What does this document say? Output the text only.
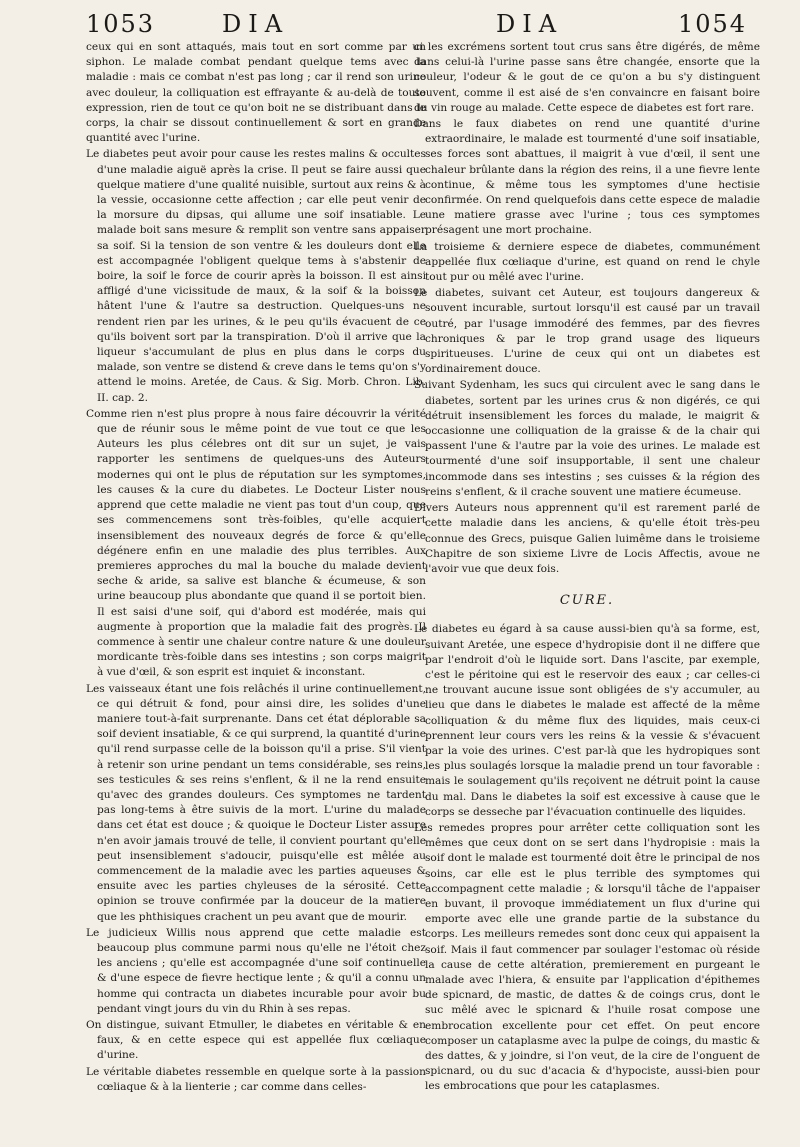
1053	DIA	DIA	1054

ceux qui en sont attaqués, mais tout en sort comme par un siphon. Le malade combat pendant quelque tems avec la maladie : mais ce combat n'est pas long ; car il rend son urine avec douleur, la colliquation est effrayante & au-delà de toute expression, rien de tout ce qu'on boit ne se distribuant dans le corps, la chair se dissout continuellement & sort en grande quantité avec l'urine.

Le diabetes peut avoir pour cause les restes malins & occultes d'une maladie aiguë après la crise. Il peut se faire aussi que quelque matiere d'une qualité nuisible, surtout aux reins & à la vessie, occasionne cette affection ; car elle peut venir de la morsure du dipsas, qui allume une soif insatiable. Le malade boit sans mesure & remplit son ventre sans appaiser sa soif. Si la tension de son ventre & les douleurs dont elle est accompagnée l'obligent quelque tems à s'abstenir de boire, la soif le force de courir après la boisson. Il est ainsi affligé d'une vicissitude de maux, & la soif & la boisson hâtent l'une & l'autre sa destruction. Quelques-uns ne rendent rien par les urines, & le peu qu'ils évacuent de ce qu'ils boivent sort par la transpiration. D'où il arrive que la liqueur s'accumulant de plus en plus dans le corps du malade, son ventre se distend & creve dans le tems qu'on s'y attend le moins. Aretée, de Caus. & Sig. Morb. Chron. Lib. II. cap. 2.

Comme rien n'est plus propre à nous faire découvrir la vérité que de réunir sous le même point de vue tout ce que les Auteurs les plus célebres ont dit sur un sujet, je vais rapporter les sentimens de quelques-uns des Auteurs modernes qui ont le plus de réputation sur les symptomes, les causes & la cure du diabetes. Le Docteur Lister nous apprend que cette maladie ne vient pas tout d'un coup, que ses commencemens sont très-foibles, qu'elle acquiert insensiblement des nouveaux degrés de force & qu'elle dégénere enfin en une maladie des plus terribles. Aux premieres approches du mal la bouche du malade devient seche & aride, sa salive est blanche & écumeuse, & son urine beaucoup plus abondante que quand il se portoit bien. Il est saisi d'une soif, qui d'abord est modérée, mais qui augmente à proportion que la maladie fait des progrès. Il commence à sentir une chaleur contre nature & une douleur mordicante très-foible dans ses intestins ; son corps maigrit à vue d'œil, & son esprit est inquiet & inconstant.

Les vaisseaux étant une fois relâchés il urine continuellement, ce qui détruit & fond, pour ainsi dire, les solides d'une maniere tout-à-fait surprenante. Dans cet état déplorable sa soif devient insatiable, & ce qui surprend, la quantité d'urine qu'il rend surpasse celle de la boisson qu'il a prise. S'il vient à retenir son urine pendant un tems considérable, ses reins, ses testicules & ses reins s'enflent, & il ne la rend ensuite qu'avec des grandes douleurs. Ces symptomes ne tardent pas long-tems à être suivis de la mort. L'urine du malade dans cet état est douce ; & quoique le Docteur Lister assure n'en avoir jamais trouvé de telle, il convient pourtant qu'elle peut insensiblement s'adoucir, puisqu'elle est mêlée au commencement de la maladie avec les parties aqueuses & ensuite avec les parties chyleuses de la sérosité. Cette opinion se trouve confirmée par la douceur de la matiere que les phthisiques crachent un peu avant que de mourir.

Le judicieux Willis nous apprend que cette maladie est beaucoup plus commune parmi nous qu'elle ne l'étoit chez les anciens ; qu'elle est accompagnée d'une soif continuelle & d'une espece de fievre hectique lente ; & qu'il a connu un homme qui contracta un diabetes incurable pour avoir bu pendant vingt jours du vin du Rhin à ses repas.

On distingue, suivant Etmuller, le diabetes en véritable & en faux, & en cette espece qui est appellée flux cœliaque d'urine.

Le véritable diabetes ressemble en quelque sorte à la passion cœliaque & à la lienterie ; car comme dans celles-

ci les excrémens sortent tout crus sans être digérés, de même dans celui-là l'urine passe sans être changée, ensorte que la couleur, l'odeur & le gout de ce qu'on a bu s'y distinguent souvent, comme il est aisé de s'en convaincre en faisant boire du vin rouge au malade. Cette espece de diabetes est fort rare.

Dans le faux diabetes on rend une quantité d'urine extraordinaire, le malade est tourmenté d'une soif insatiable, ses forces sont abattues, il maigrit à vue d'œil, il sent une chaleur brûlante dans la région des reins, il a une fievre lente continue, & même tous les symptomes d'une hectisie confirmée. On rend quelquefois dans cette espece de maladie une matiere grasse avec l'urine ; tous ces symptomes présagent une mort prochaine.

La troisieme & derniere espece de diabetes, communément appellée flux cœliaque d'urine, est quand on rend le chyle tout pur ou mêlé avec l'urine.

Le diabetes, suivant cet Auteur, est toujours dangereux & souvent incurable, surtout lorsqu'il est causé par un travail outré, par l'usage immodéré des femmes, par des fievres chroniques & par le trop grand usage des liqueurs spiritueuses. L'urine de ceux qui ont un diabetes est ordinairement douce.

Suivant Sydenham, les sucs qui circulent avec le sang dans le diabetes, sortent par les urines crus & non digérés, ce qui détruit insensiblement les forces du malade, le maigrit & occasionne une colliquation de la graisse & de la chair qui passent l'une & l'autre par la voie des urines. Le malade est tourmenté d'une soif insupportable, il sent une chaleur incommode dans ses intestins ; ses cuisses & la région des reins s'enflent, & il crache souvent une matiere écumeuse.

Divers Auteurs nous apprennent qu'il est rarement parlé de cette maladie dans les anciens, & qu'elle étoit très-peu connue des Grecs, puisque Galien luimême dans le troisieme Chapitre de son sixieme Livre de Locis Affectis, avoue ne l'avoir vue que deux fois.

CURE.

Le diabetes eu égard à sa cause aussi-bien qu'à sa forme, est, suivant Aretée, une espece d'hydropisie dont il ne differe que par l'endroit d'où le liquide sort. Dans l'ascite, par exemple, c'est le péritoine qui est le reservoir des eaux ; car celles-ci ne trouvant aucune issue sont obligées de s'y accumuler, au lieu que dans le diabetes le malade est affecté de la même colliquation & du même flux des liquides, mais ceux-ci prennent leur cours vers les reins & la vessie & s'évacuent par la voie des urines. C'est par-là que les hydropiques sont les plus soulagés lorsque la maladie prend un tour favorable : mais le soulagement qu'ils reçoivent ne détruit point la cause du mal. Dans le diabetes la soif est excessive à cause que le corps se desseche par l'évacuation continuelle des liquides.

Les remedes propres pour arrêter cette colliquation sont les mêmes que ceux dont on se sert dans l'hydropisie : mais la soif dont le malade est tourmenté doit être le principal de nos soins, car elle est le plus terrible des symptomes qui accompagnent cette maladie ; & lorsqu'il tâche de l'appaiser en buvant, il provoque immédiatement un flux d'urine qui emporte avec elle une grande partie de la substance du corps. Les meilleurs remedes sont donc ceux qui appaisent la soif. Mais il faut commencer par soulager l'estomac où réside la cause de cette altération, premierement en purgeant le malade avec l'hiera, & ensuite par l'application d'épithemes de spicnard, de mastic, de dattes & de coings crus, dont le suc mêlé avec le spicnard & l'huile rosat compose une embrocation excellente pour cet effet. On peut encore composer un cataplasme avec la pulpe de coings, du mastic & des dattes, & y joindre, si l'on veut, de la cire de l'onguent de spicnard, ou du suc d'acacia & d'hypociste, aussi-bien pour les embrocations que pour les cataplasmes.
